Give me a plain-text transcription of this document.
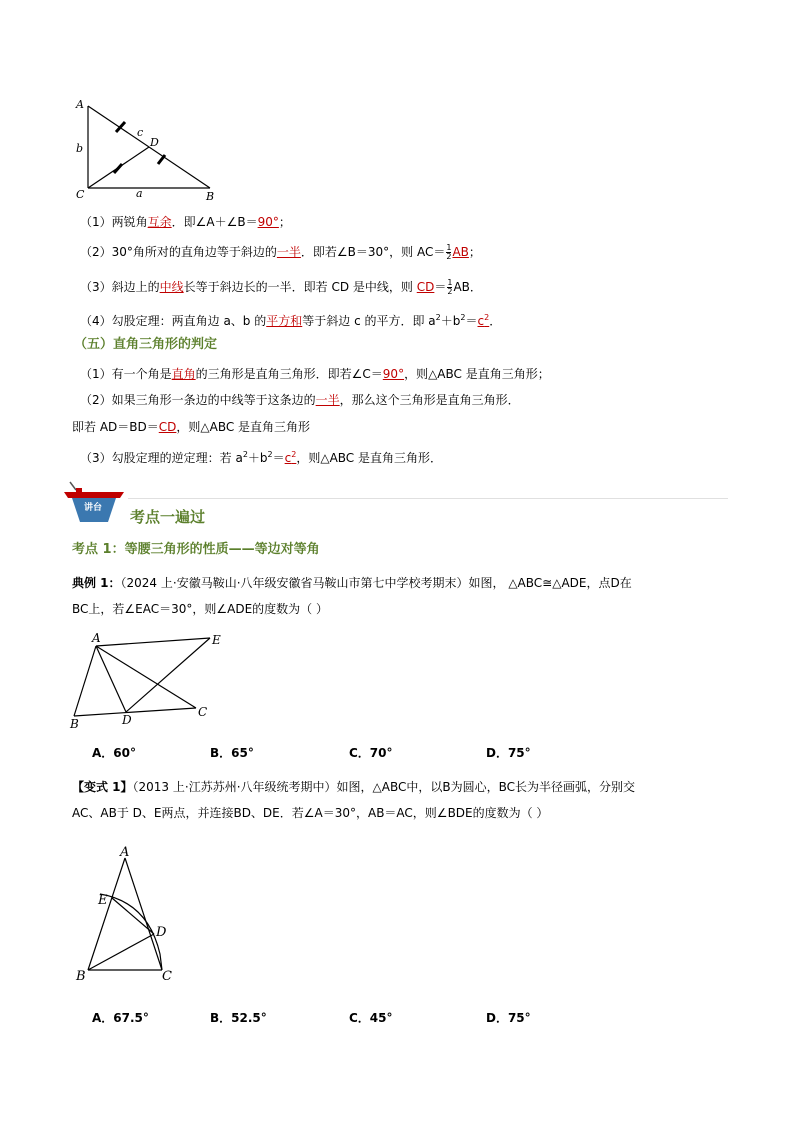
A
b
C	a	B
c
D
（1）两锐角互余．即∠A＋∠B＝90°；
（2）30°角所对的直角边等于斜边的一半．即若∠B＝30°，则 $AC= \frac{1}{2}$ AB；
（3）斜边上的中线长等于斜边长的一半．即若 CD 是中线，则 $CD= \frac{1}{2}$ AB．
（4）勾股定理：两直角边 a、b 的平方和等于斜边 c 的平方．即 $a^2+b^2=c^2$．
（五）直角三角形的判定
（1）有一个角是直角的三角形是直角三角形．即若∠C＝90°，则△ABC 是直角三角形；
（2）如果三角形一条边的中线等于这条边的一半，那么这个三角形是直角三角形．
即若 AD＝BD＝CD，则△ABC 是直角三角形
（3）勾股定理的逆定理：若 $a^2+b^2=c^2$，则△ABC 是直角三角形．
讲台 考点一遍过
考点 1：等腰三角形的性质——等边对等角
典例 1：（2024 上·安徽马鞍山·八年级安徽省马鞍山市第七中学校考期末）如图， △ABC≅△ADE，点D在
BC上，若∠EAC＝30°，则∠ADE的度数为（ ）
A	E
B	D
C
A．60°	B．65°	C．70°	D．75°
【变式 1】（2013 上·江苏苏州·八年级统考期中）如图，△ABC中，以B为圆心，BC长为半径画弧，分别交
AC、AB于 D、E两点，并连接BD、DE．若∠A＝30°，AB＝AC，则∠BDE的度数为（ ）
A
E
D
B	C
A．67.5°	B．52.5°	C．45°	D．75°
